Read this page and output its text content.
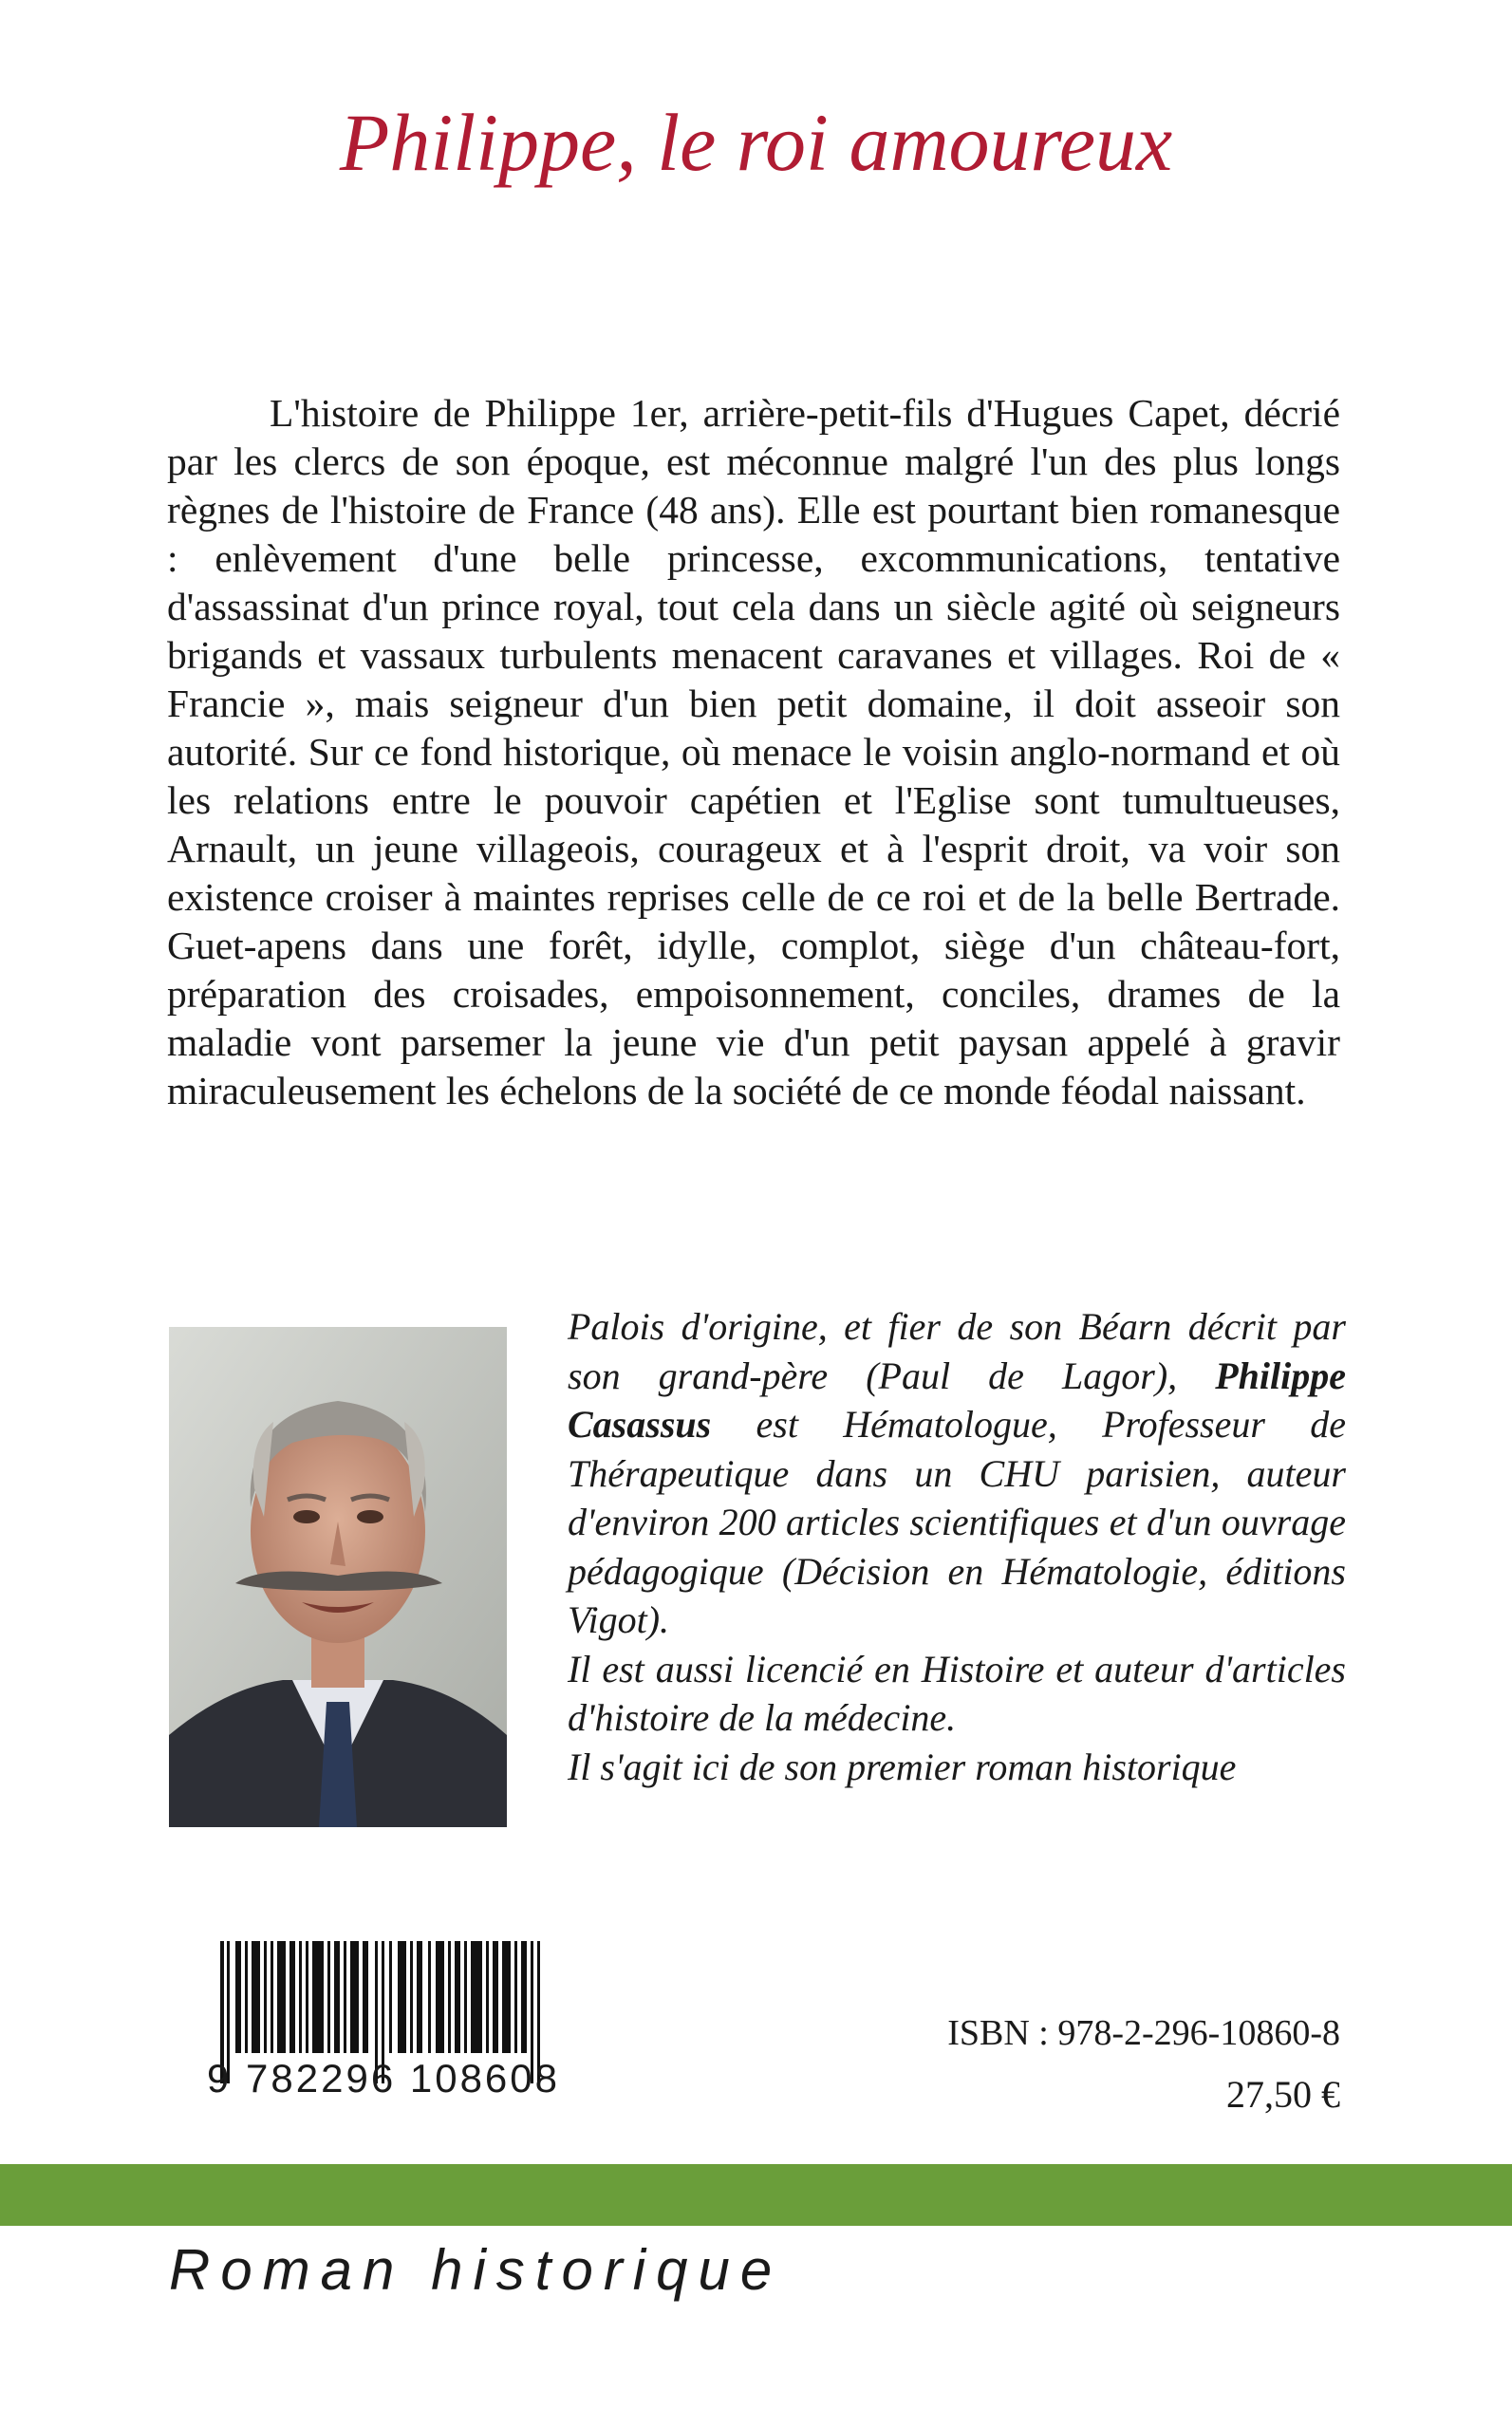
Philippe, le roi amoureux

L'histoire de Philippe 1er, arrière-petit-fils d'Hugues Capet, décrié par les clercs de son époque, est méconnue malgré l'un des plus longs règnes de l'histoire de France (48 ans). Elle est pourtant bien romanesque : enlèvement d'une belle princesse, excommunications, tentative d'assassinat d'un prince royal, tout cela dans un siècle agité où seigneurs brigands et vassaux turbulents menacent caravanes et villages. Roi de « Francie », mais seigneur d'un bien petit domaine, il doit asseoir son autorité. Sur ce fond historique, où menace le voisin anglo-normand et où les relations entre le pouvoir capétien et l'Eglise sont tumultueuses, Arnault, un jeune villageois, courageux et à l'esprit droit, va voir son existence croiser à maintes reprises celle de ce roi et de la belle Bertrade. Guet-apens dans une forêt, idylle, complot, siège d'un château-fort, préparation des croisades, empoisonnement, conciles, drames de la maladie vont parsemer la jeune vie d'un petit paysan appelé à gravir miraculeusement les échelons de la société de ce monde féodal naissant.

Palois d'origine, et fier de son Béarn décrit par son grand-père (Paul de Lagor), Philippe Casassus est Hématologue, Professeur de Thérapeutique dans un CHU parisien, auteur d'environ 200 articles scientifiques et d'un ouvrage pédagogique (Décision en Hématologie, éditions Vigot).
Il est aussi licencié en Histoire et auteur d'articles d'histoire de la médecine.
Il s'agit ici de son premier roman historique

9 782296 108608
ISBN : 978-2-296-10860-8
27,50 €
Roman historique
